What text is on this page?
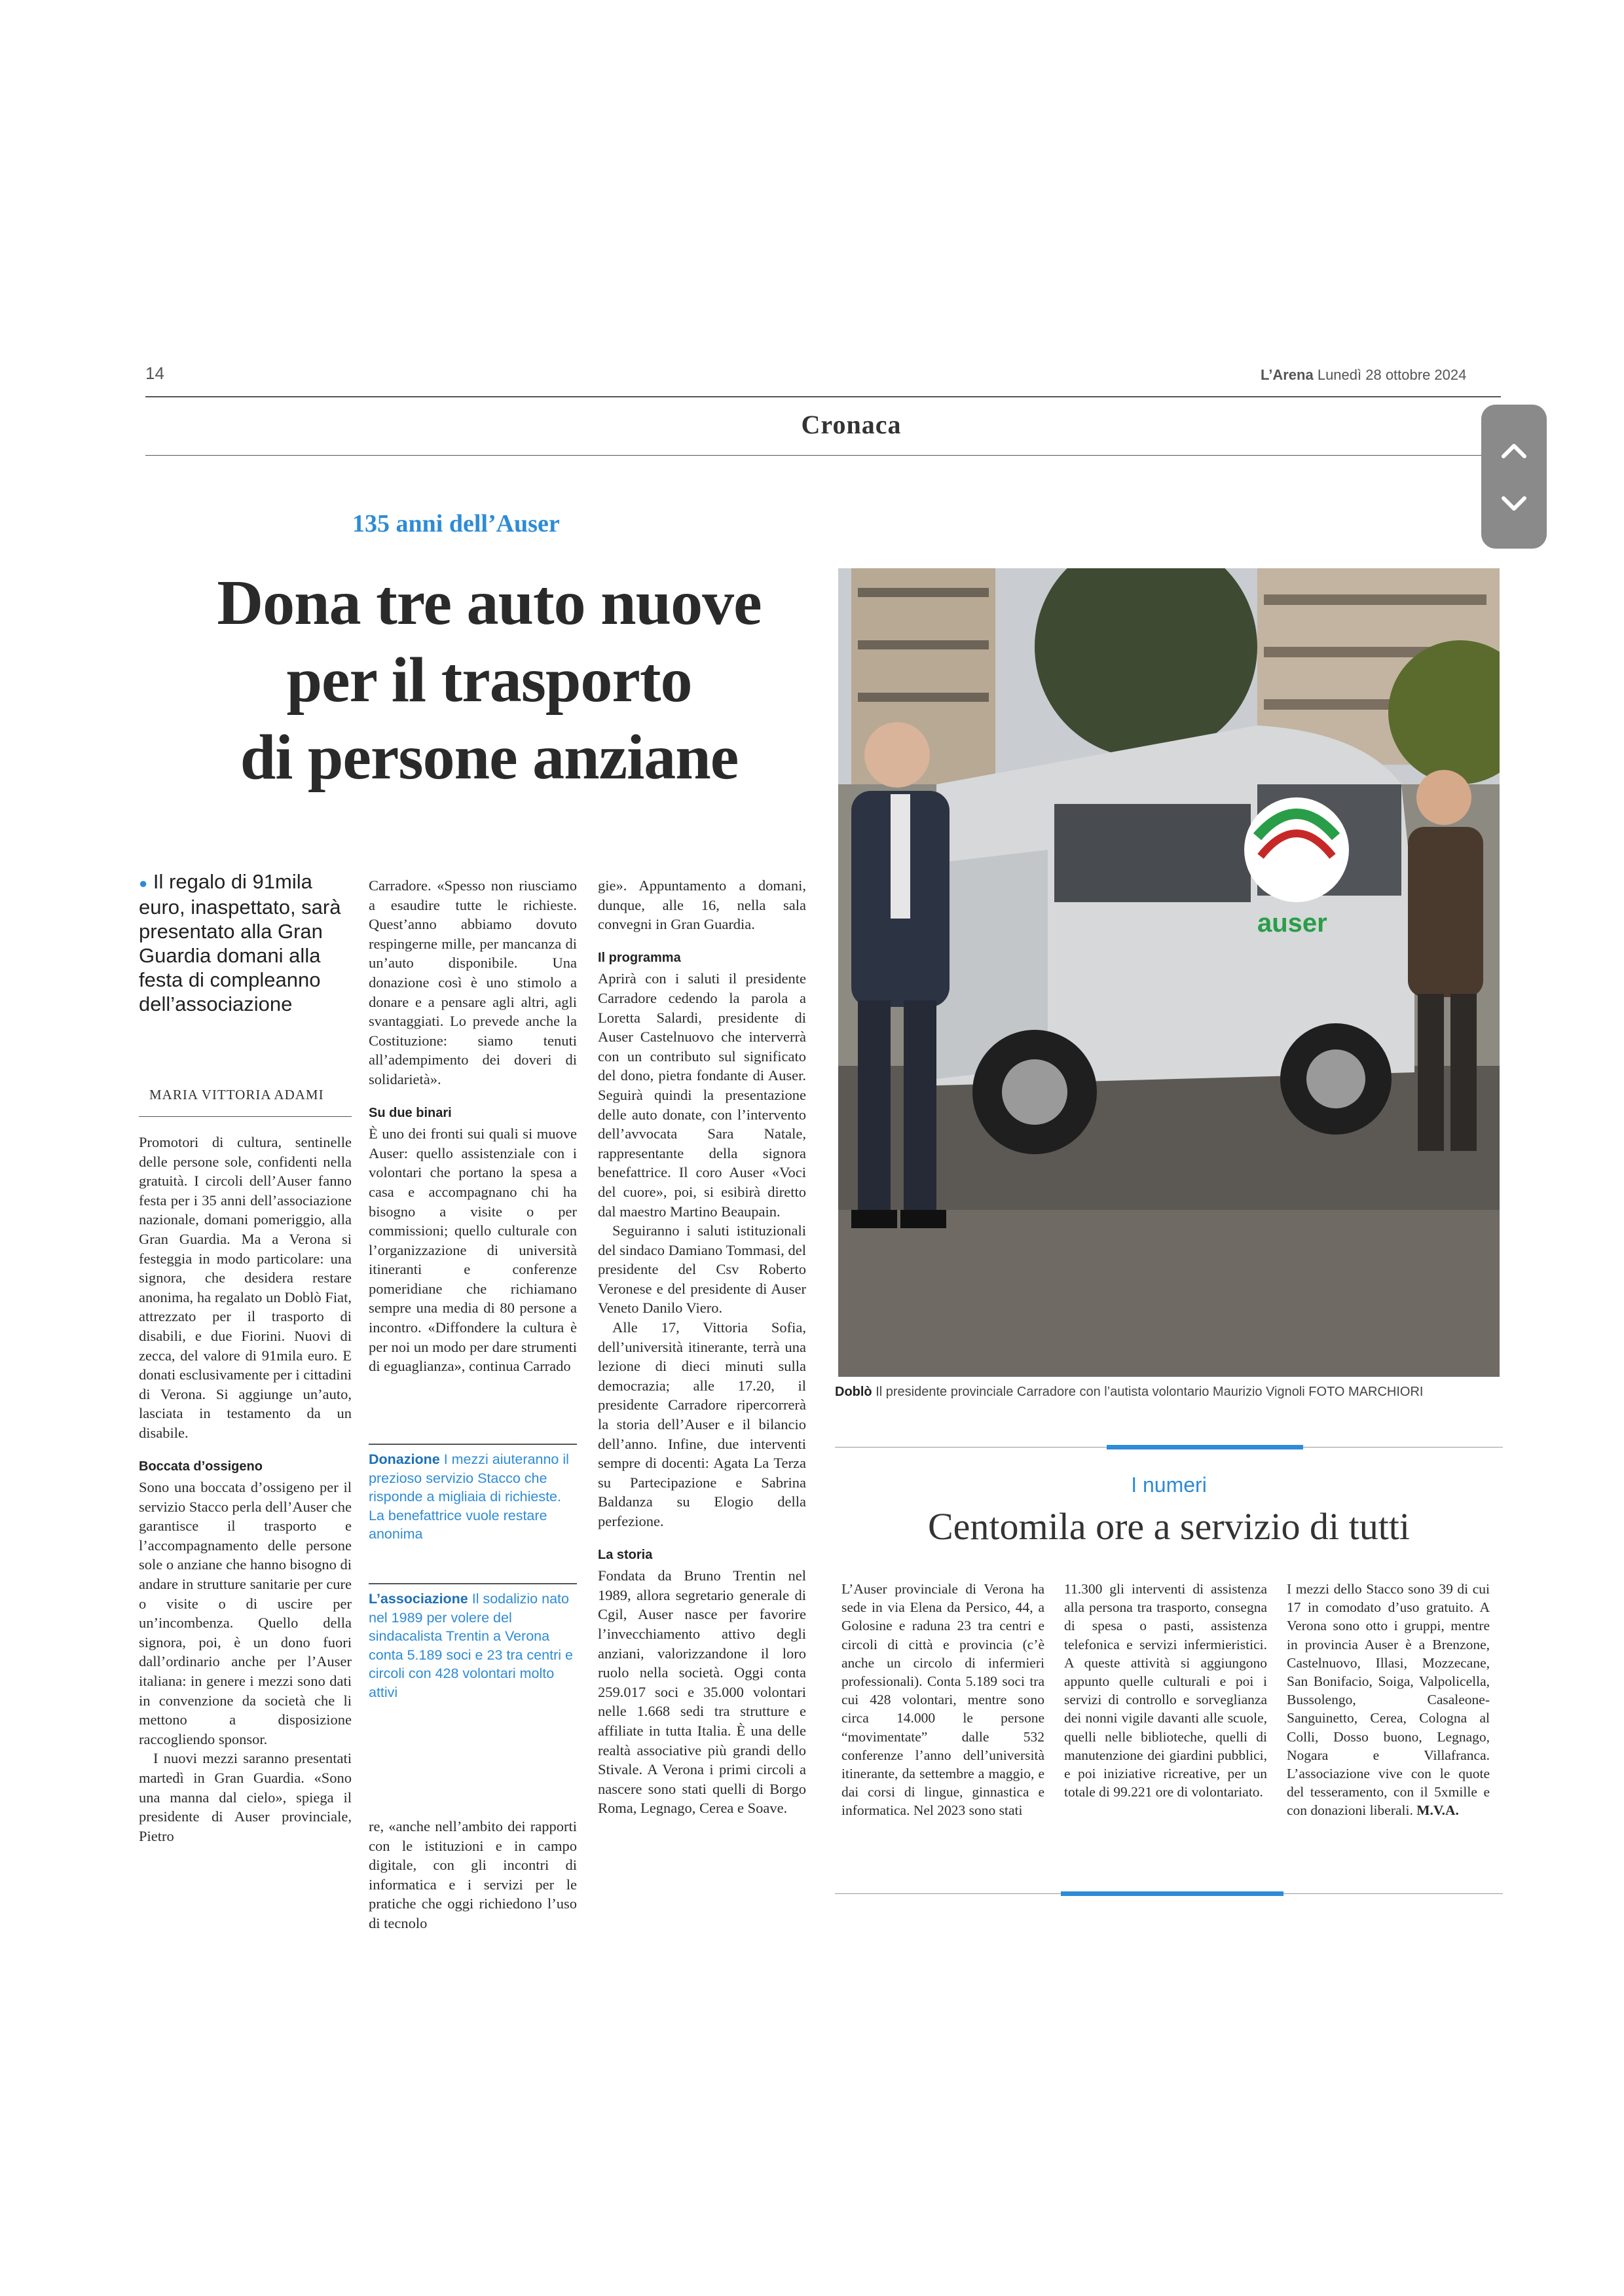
14	L’Arena Lunedì 28 ottobre 2024
Cronaca
135 anni dell’Auser
Dona tre auto nuove
per il trasporto
di persone anziane
● Il regalo di 91mila euro, inaspettato, sarà presentato alla Gran Guardia domani alla festa di compleanno dell’associazione
MARIA VITTORIA ADAMI

Promotori di cultura, sentinelle delle persone sole, confidenti nella gratuità. I circoli dell’Auser fanno festa per i 35 anni dell’associazione nazionale, domani pomeriggio, alla Gran Guardia. Ma a Verona si festeggia in modo particolare: una signora, che desidera restare anonima, ha regalato un Doblò Fiat, attrezzato per il trasporto di disabili, e due Fiorini. Nuovi di zecca, del valore di 91mila euro. E donati esclusivamente per i cittadini di Verona. Si aggiunge un’auto, lasciata in testamento da un disabile.

Boccata d’ossigeno

Sono una boccata d’ossigeno per il servizio Stacco perla dell’Auser che garantisce il trasporto e l’accompagnamento delle persone sole o anziane che hanno bisogno di andare in strutture sanitarie per cure o visite o di uscire per un’incombenza. Quello della signora, poi, è un dono fuori dall’ordinario anche per l’Auser italiana: in genere i mezzi sono dati in convenzione da società che li mettono a disposizione raccogliendo sponsor.

I nuovi mezzi saranno presentati martedì in Gran Guardia. «Sono una manna dal cielo», spiega il presidente di Auser provinciale, Pietro

Carradore. «Spesso non riusciamo a esaudire tutte le richieste. Quest’anno abbiamo dovuto respingerne mille, per mancanza di un’auto disponibile. Una donazione così è uno stimolo a donare e a pensare agli altri, agli svantaggiati. Lo prevede anche la Costituzione: siamo tenuti all’adempimento dei doveri di solidarietà».

Su due binari

È uno dei fronti sui quali si muove Auser: quello assistenziale con i volontari che portano la spesa a casa e accompagnano chi ha bisogno a visite o per commissioni; quello culturale con l’organizzazione di università itineranti e conferenze pomeridiane che richiamano sempre una media di 80 persone a incontro. «Diffondere la cultura è per noi un modo per dare strumenti di eguaglianza», continua Carrado

Donazione I mezzi aiuteranno il prezioso servizio Stacco che risponde a migliaia di richieste. La benefattrice vuole restare anonima
L’associazione Il sodalizio nato nel 1989 per volere del sindacalista Trentin a Verona conta 5.189 soci e 23 tra centri e circoli con 428 volontari molto attivi

re, «anche nell’ambito dei rapporti con le istituzioni e in campo digitale, con gli incontri di informatica e i servizi per le pratiche che oggi richiedono l’uso di tecnolo

gie». Appuntamento a domani, dunque, alle 16, nella sala convegni in Gran Guardia.

Il programma

Aprirà con i saluti il presidente Carradore cedendo la parola a Loretta Salardi, presidente di Auser Castelnuovo che interverrà con un contributo sul significato del dono, pietra fondante di Auser. Seguirà quindi la presentazione delle auto donate, con l’intervento dell’avvocata Sara Natale, rappresentante della signora benefattrice. Il coro Auser «Voci del cuore», poi, si esibirà diretto dal maestro Martino Beaupain.

Seguiranno i saluti istituzionali del sindaco Damiano Tommasi, del presidente del Csv Roberto Veronese e del presidente di Auser Veneto Danilo Viero.

Alle 17, Vittoria Sofia, dell’università itinerante, terrà una lezione di dieci minuti sulla democrazia; alle 17.20, il presidente Carradore ripercorrerà la storia dell’Auser e il bilancio dell’anno. Infine, due interventi sempre di docenti: Agata La Terza su Partecipazione e Sabrina Baldanza su Elogio della perfezione.

La storia

Fondata da Bruno Trentin nel 1989, allora segretario generale di Cgil, Auser nasce per favorire l’invecchiamento attivo degli anziani, valorizzandone il loro ruolo nella società. Oggi conta 259.017 soci e 35.000 volontari nelle 1.668 sedi tra strutture e affiliate in tutta Italia. È una delle realtà associative più grandi dello Stivale. A Verona i primi circoli a nascere sono stati quelli di Borgo Roma, Legnago, Cerea e Soave.

auser
Doblò Il presidente provinciale Carradore con l’autista volontario Maurizio Vignoli FOTO MARCHIORI
I numeri
Centomila ore a servizio di tutti

L’Auser provinciale di Verona ha sede in via Elena da Persico, 44, a Golosine e radunа 23 tra centri e circoli di città e provincia (c’è anche un circolo di infermieri professionali). Conta 5.189 soci tra cui 428 volontari, mentre sono circa 14.000 le persone “movimentate” dalle 532 conferenze l’anno dell’università itinerante, da settembre a maggio, e dai corsi di lingue, ginnastica e informatica. Nel 2023 sono stati

11.300 gli interventi di assistenza alla persona tra trasporto, consegna di spesa o pasti, assistenza telefonica e servizi infermieristici. A queste attività si aggiungono appunto quelle culturali e poi i servizi di controllo e sorveglianza dei nonni vigile davanti alle scuole, quelli nelle biblioteche, quelli di manutenzione dei giardini pubblici, e poi iniziative ricreative, per un totale di 99.221 ore di volontariato.

I mezzi dello Stacco sono 39 di cui 17 in comodato d’uso gratuito. A Verona sono otto i gruppi, mentre in provincia Auser è a Brenzone, Castelnuovo, Illasi, Mozzecane, San Bonifacio, Soiga, Valpolicella, Bussolengo, Casaleone-Sanguinetto, Cerea, Cologna al Colli, Dosso buono, Legnago, Nogara e Villafranca. L’associazione vive con le quote del tesseramento, con il 5xmille e con donazioni liberali. M.V.A.
